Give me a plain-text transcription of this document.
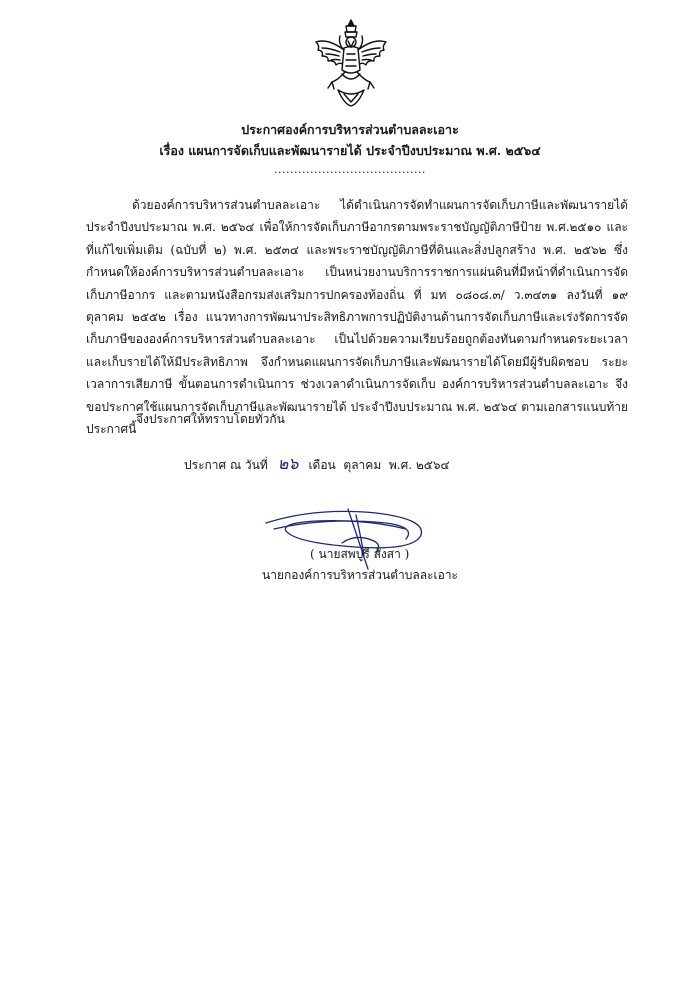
ประกาศองค์การบริหารส่วนตำบลละเอาะ
เรื่อง แผนการจัดเก็บและพัฒนารายได้ ประจำปีงบประมาณ พ.ศ. ๒๕๖๔
......................................
ด้วยองค์การบริหารส่วนตำบลละเอาะ ได้ดำเนินการจัดทำแผนการจัดเก็บภาษีและพัฒนารายได้ประจำปีงบประมาณ พ.ศ. ๒๕๖๔ เพื่อให้การจัดเก็บภาษีอากรตามพระราชบัญญัติภาษีป้าย พ.ศ.๒๕๑๐ และที่แก้ไขเพิ่มเติม (ฉบับที่ ๒) พ.ศ. ๒๕๓๔ และพระราชบัญญัติภาษีที่ดินและสิ่งปลูกสร้าง พ.ศ. ๒๕๖๒ ซึ่งกำหนดให้องค์การบริหารส่วนตำบลละเอาะ เป็นหน่วยงานบริการราชการแผ่นดินที่มีหน้าที่ดำเนินการจัดเก็บภาษีอากร และตามหนังสือกรมส่งเสริมการปกครองท้องถิ่น ที่ มท ๐๘๐๘.๓/ ว.๓๔๓๑ ลงวันที่ ๑๙ ตุลาคม ๒๕๕๒ เรื่อง แนวทางการพัฒนาประสิทธิภาพการปฏิบัติงานด้านการจัดเก็บภาษีและเร่งรัดการจัดเก็บภาษีขององค์การบริหารส่วนตำบลละเอาะ เป็นไปด้วยความเรียบร้อยถูกต้องทันตามกำหนดระยะเวลา และเก็บรายได้ให้มีประสิทธิภาพ จึงกำหนดแผนการจัดเก็บภาษีและพัฒนารายได้โดยมีผู้รับผิดชอบ ระยะเวลาการเสียภาษี ขั้นตอนการดำเนินการ ช่วงเวลาดำเนินการจัดเก็บ องค์การบริหารส่วนตำบลละเอาะ จึงขอประกาศใช้แผนการจัดเก็บภาษีและพัฒนารายได้ ประจำปีงบประมาณ พ.ศ. ๒๕๖๔ ตามเอกสารแนบท้ายประกาศนี้
จึงประกาศให้ทราบโดยทั่วกัน
ประกาศ ณ วันที่ ๒๖ เดือน ตุลาคม พ.ศ. ๒๕๖๔
( นายสพบูรี สังสา )
นายกองค์การบริหารส่วนตำบลละเอาะ
